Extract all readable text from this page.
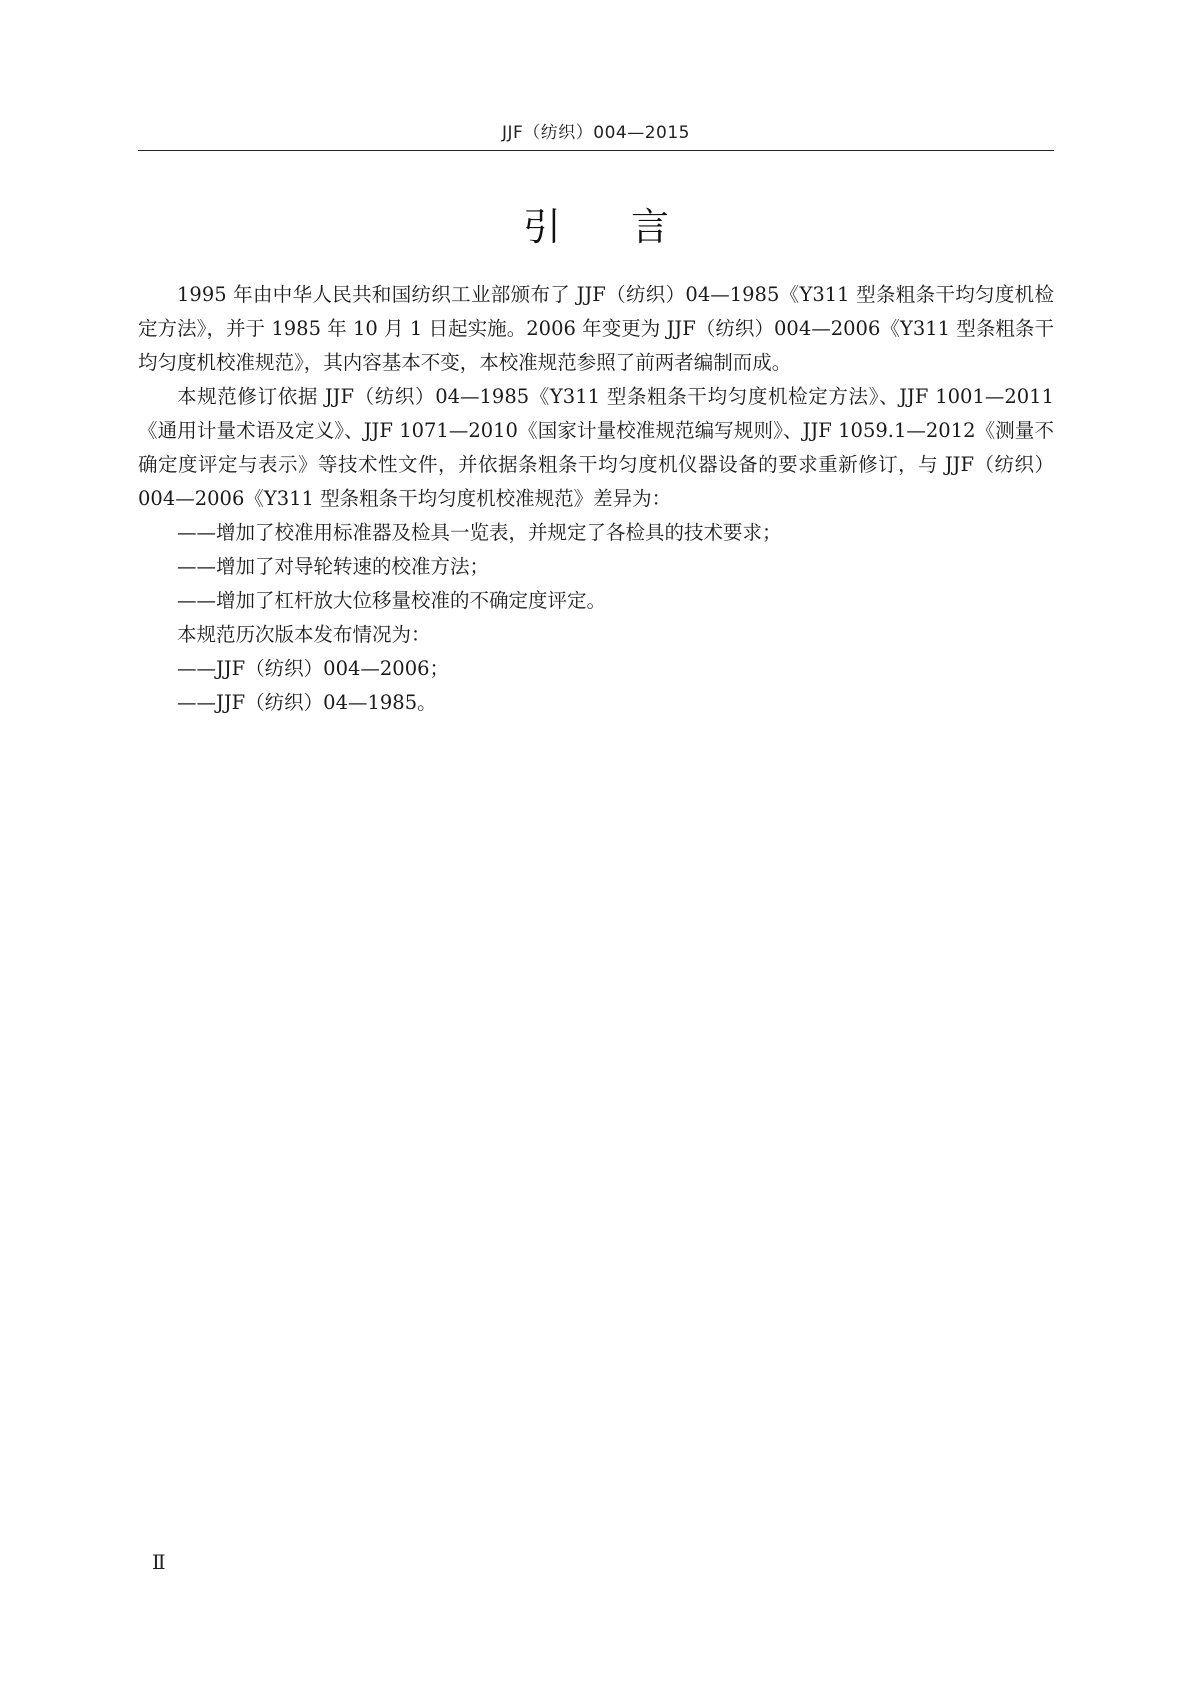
JJF（纺织）004—2015
引言

1995 年由中华人民共和国纺织工业部颁布了 JJF（纺织）04—1985《Y311 型条粗条干均匀度机检定方法》，并于 1985 年 10 月 1 日起实施。2006 年变更为 JJF（纺织）004—2006《Y311 型条粗条干均匀度机校准规范》，其内容基本不变，本校准规范参照了前两者编制而成。

本规范修订依据 JJF（纺织）04—1985《Y311 型条粗条干均匀度机检定方法》、JJF 1001—2011《通用计量术语及定义》、JJF 1071—2010《国家计量校准规范编写规则》、JJF 1059.1—2012《测量不确定度评定与表示》等技术性文件，并依据条粗条干均匀度机仪器设备的要求重新修订，与 JJF（纺织）004—2006《Y311 型条粗条干均匀度机校准规范》差异为：

——增加了校准用标准器及检具一览表，并规定了各检具的技术要求；

——增加了对导轮转速的校准方法；

——增加了杠杆放大位移量校准的不确定度评定。

本规范历次版本发布情况为：

——JJF（纺织）004—2006；

——JJF（纺织）04—1985。

Ⅱ
